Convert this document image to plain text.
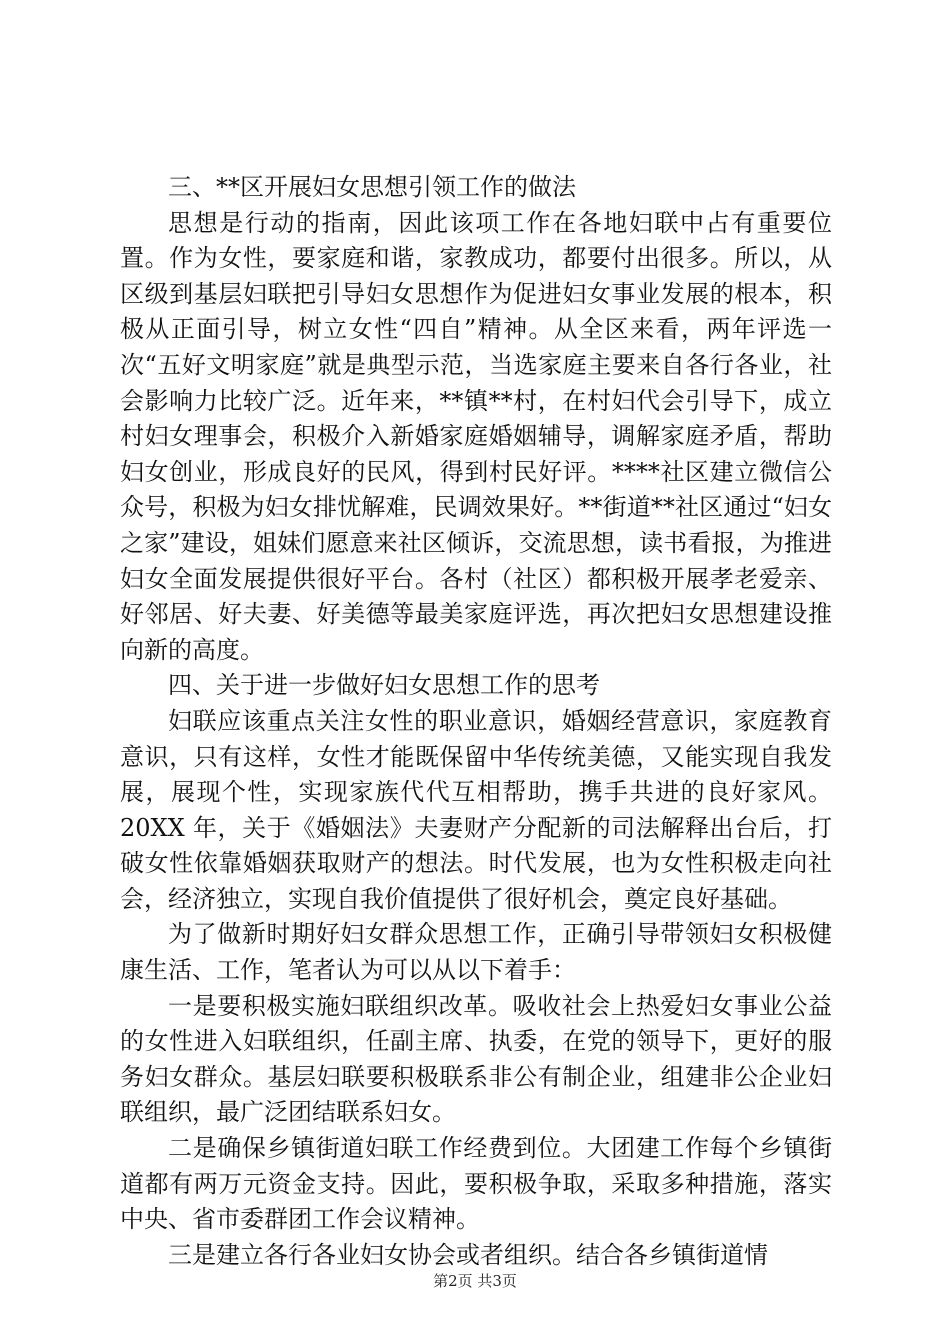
三、**区开展妇女思想引领工作的做法

思想是行动的指南，因此该项工作在各地妇联中占有重要位置。作为女性，要家庭和谐，家教成功，都要付出很多。所以，从区级到基层妇联把引导妇女思想作为促进妇女事业发展的根本，积极从正面引导，树立女性“四自”精神。从全区来看，两年评选一次“五好文明家庭”就是典型示范，当选家庭主要来自各行各业，社会影响力比较广泛。近年来，**镇**村，在村妇代会引导下，成立村妇女理事会，积极介入新婚家庭婚姻辅导，调解家庭矛盾，帮助妇女创业，形成良好的民风，得到村民好评。****社区建立微信公众号，积极为妇女排忧解难，民调效果好。**街道**社区通过“妇女之家”建设，姐妹们愿意来社区倾诉，交流思想，读书看报，为推进妇女全面发展提供很好平台。各村（社区）都积极开展孝老爱亲、好邻居、好夫妻、好美德等最美家庭评选，再次把妇女思想建设推向新的高度。

四、关于进一步做好妇女思想工作的思考

妇联应该重点关注女性的职业意识，婚姻经营意识，家庭教育意识，只有这样，女性才能既保留中华传统美德，又能实现自我发展，展现个性，实现家族代代互相帮助，携手共进的良好家风。20XX 年，关于《婚姻法》夫妻财产分配新的司法解释出台后，打破女性依靠婚姻获取财产的想法。时代发展，也为女性积极走向社会，经济独立，实现自我价值提供了很好机会，奠定良好基础。

为了做新时期好妇女群众思想工作，正确引导带领妇女积极健康生活、工作，笔者认为可以从以下着手：

一是要积极实施妇联组织改革。吸收社会上热爱妇女事业公益的女性进入妇联组织，任副主席、执委，在党的领导下，更好的服务妇女群众。基层妇联要积极联系非公有制企业，组建非公企业妇联组织，最广泛团结联系妇女。

二是确保乡镇街道妇联工作经费到位。大团建工作每个乡镇街道都有两万元资金支持。因此，要积极争取，采取多种措施，落实中央、省市委群团工作会议精神。

三是建立各行各业妇女协会或者组织。结合各乡镇街道情

第2页 共3页
